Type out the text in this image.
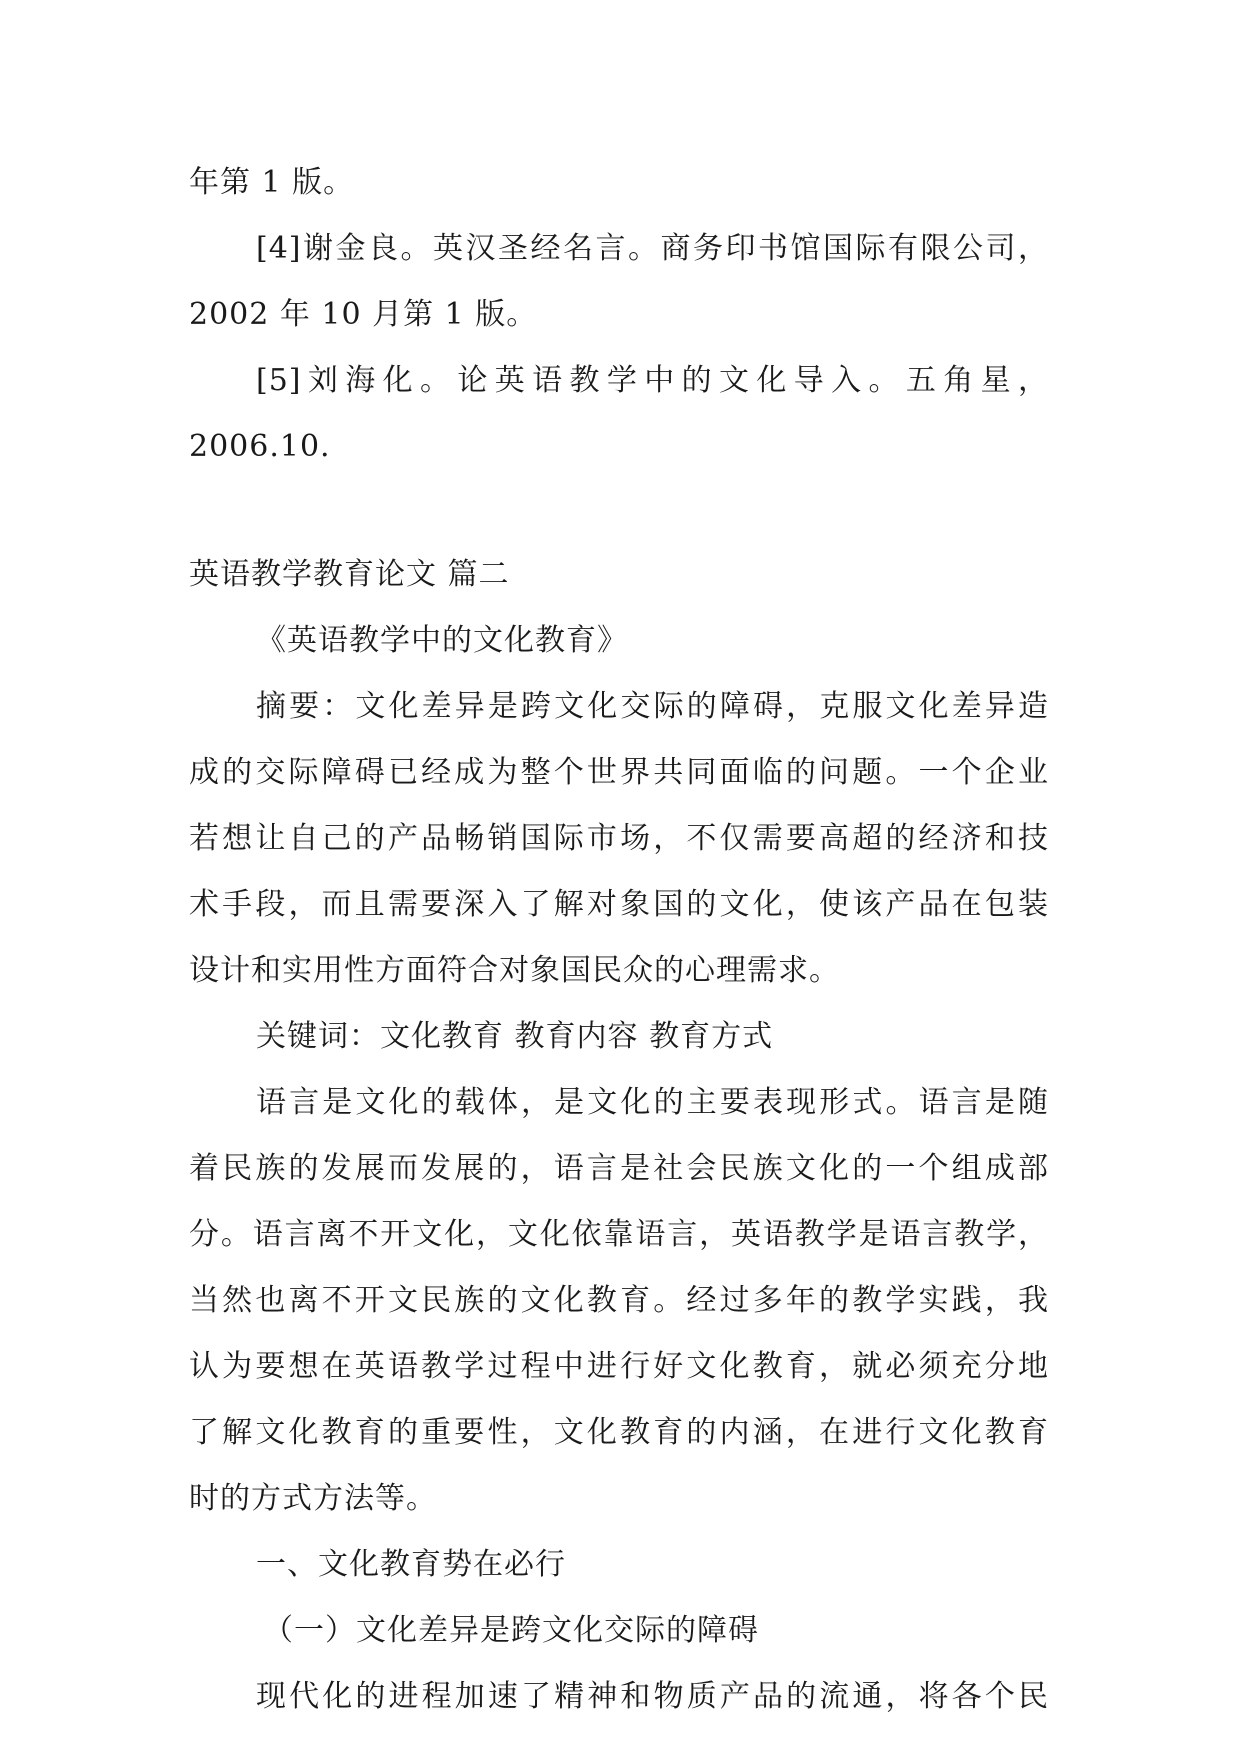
年第 1 版。
[4]谢金良。英汉圣经名言。商务印书馆国际有限公司，
2002 年 10 月第 1 版。
[5]刘海化。论英语教学中的文化导入。五角星，
2006.10.
英语教学教育论文 篇二
《英语教学中的文化教育》
摘要：文化差异是跨文化交际的障碍，克服文化差异造
成的交际障碍已经成为整个世界共同面临的问题。一个企业
若想让自己的产品畅销国际市场，不仅需要高超的经济和技
术手段，而且需要深入了解对象国的文化，使该产品在包装
设计和实用性方面符合对象国民众的心理需求。
关键词：文化教育 教育内容 教育方式
语言是文化的载体，是文化的主要表现形式。语言是随
着民族的发展而发展的，语言是社会民族文化的一个组成部
分。语言离不开文化，文化依靠语言，英语教学是语言教学，
当然也离不开文民族的文化教育。经过多年的教学实践，我
认为要想在英语教学过程中进行好文化教育，就必须充分地
了解文化教育的重要性，文化教育的内涵，在进行文化教育
时的方式方法等。
一、文化教育势在必行
（一）文化差异是跨文化交际的障碍
现代化的进程加速了精神和物质产品的流通，将各个民
